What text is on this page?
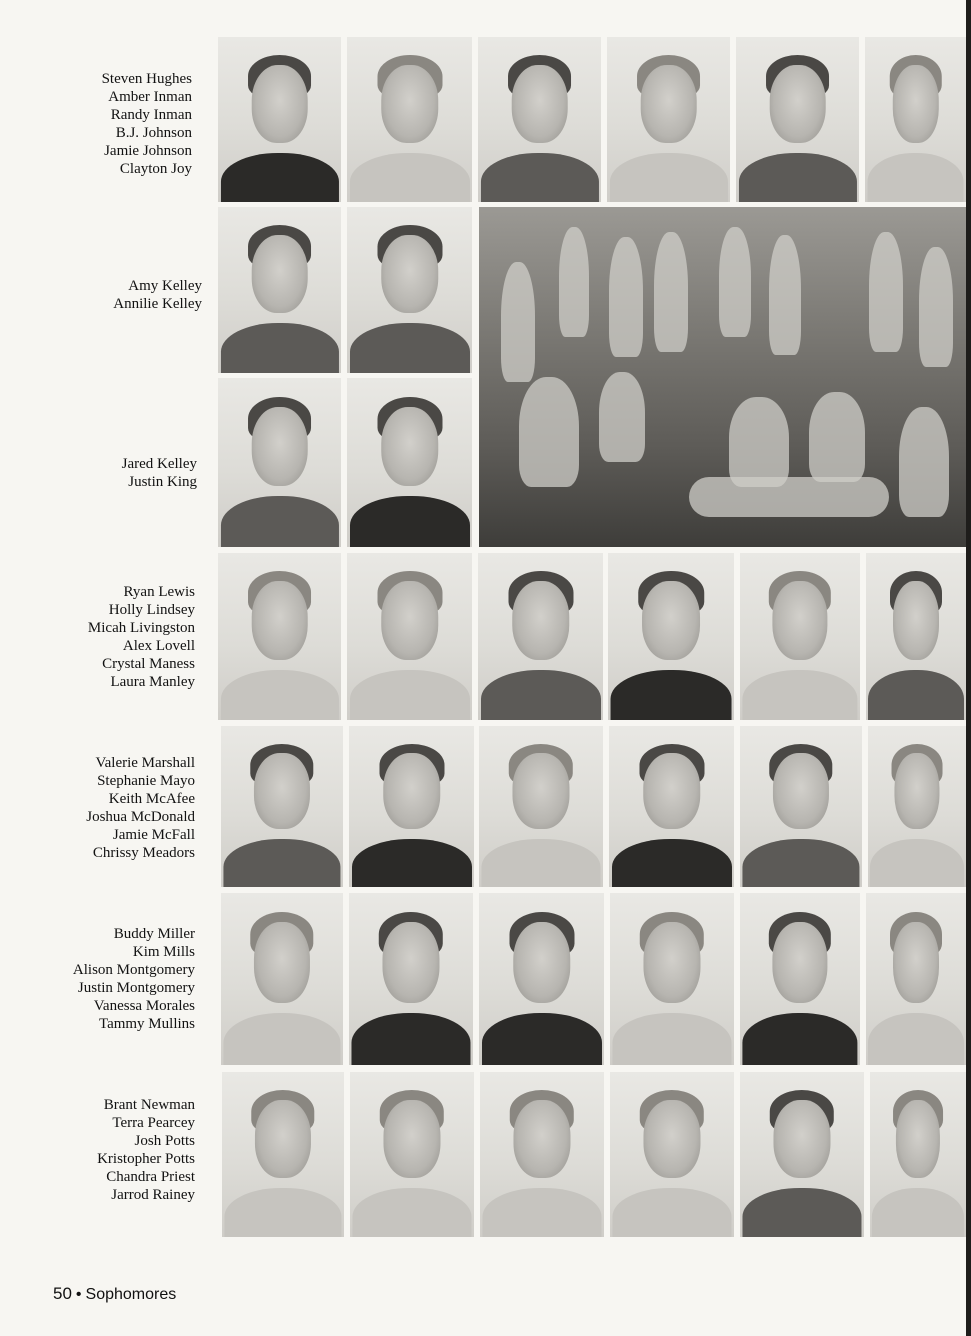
Steven Hughes
Amber Inman
Randy Inman
B.J. Johnson
Jamie Johnson
Clayton Joy
Amy Kelley
Annilie Kelley
Jared Kelley
Justin King
Ryan Lewis
Holly Lindsey
Micah Livingston
Alex Lovell
Crystal Maness
Laura Manley
Valerie Marshall
Stephanie Mayo
Keith McAfee
Joshua McDonald
Jamie McFall
Chrissy Meadors
Buddy Miller
Kim Mills
Alison Montgomery
Justin Montgomery
Vanessa Morales
Tammy Mullins
Brant Newman
Terra Pearcey
Josh Potts
Kristopher Potts
Chandra Priest
Jarrod Rainey
50 • Sophomores
